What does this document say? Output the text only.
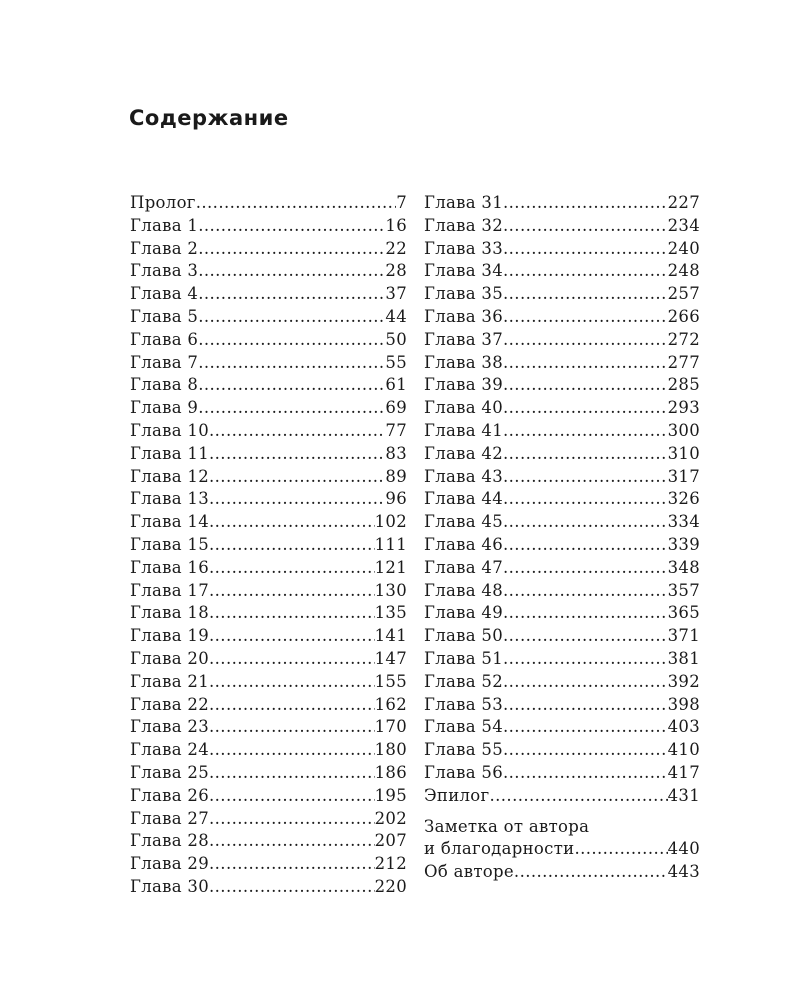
Содержание
Пролог .....	7
Глава 1 .....	16
Глава 2 .....	22
Глава 3 .....	28
Глава 4 .....	37
Глава 5 .....	44
Глава 6 .....	50
Глава 7 .....	55
Глава 8 .....	61
Глава 9 .....	69
Глава 10 .....	77
Глава 11 .....	83
Глава 12 .....	89
Глава 13 .....	96
Глава 14 .....	102
Глава 15 .....	111
Глава 16 .....	121
Глава 17 .....	130
Глава 18 .....	135
Глава 19 .....	141
Глава 20 .....	147
Глава 21 .....	155
Глава 22 .....	162
Глава 23 .....	170
Глава 24 .....	180
Глава 25 .....	186
Глава 26 .....	195
Глава 27 .....	202
Глава 28 .....	207
Глава 29 .....	212
Глава 30 .....	220
Глава 31 .....	227
Глава 32 .....	234
Глава 33 .....	240
Глава 34 .....	248
Глава 35 .....	257
Глава 36 .....	266
Глава 37 .....	272
Глава 38 .....	277
Глава 39 .....	285
Глава 40 .....	293
Глава 41 .....	300
Глава 42 .....	310
Глава 43 .....	317
Глава 44 .....	326
Глава 45 .....	334
Глава 46 .....	339
Глава 47 .....	348
Глава 48 .....	357
Глава 49 .....	365
Глава 50 .....	371
Глава 51 .....	381
Глава 52 .....	392
Глава 53 .....	398
Глава 54 .....	403
Глава 55 .....	410
Глава 56 .....	417
Эпилог .....	431
Заметка от автора
и благодарности .....	440
Об авторе .....	443
